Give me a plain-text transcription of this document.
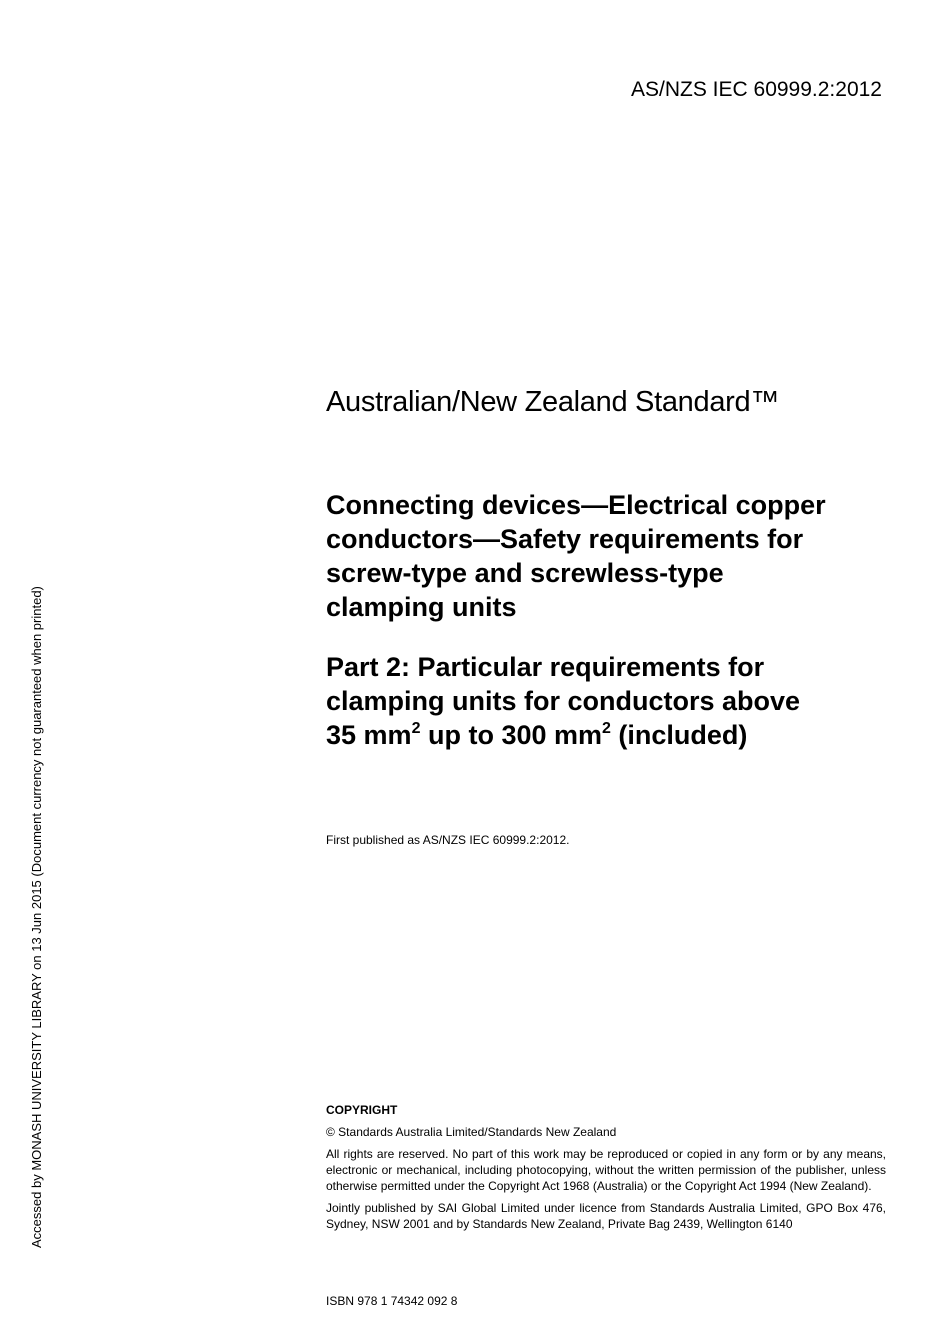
AS/NZS IEC 60999.2:2012
Accessed by MONASH UNIVERSITY LIBRARY on 13 Jun 2015 (Document currency not guaranteed when printed)
Australian/New Zealand Standard™
Connecting devices—Electrical copper
conductors—Safety requirements for
screw-type and screwless-type
clamping units
Part 2: Particular requirements for
clamping units for conductors above
35 $mm^2$ up to 300 $mm^2$ (included)
First published as AS/NZS IEC 60999.2:2012.

COPYRIGHT

© Standards Australia Limited/Standards New Zealand

All rights are reserved. No part of this work may be reproduced or copied in any form or by any means, electronic or mechanical, including photocopying, without the written permission of the publisher, unless otherwise permitted under the Copyright Act 1968 (Australia) or the Copyright Act 1994 (New Zealand).

Jointly published by SAI Global Limited under licence from Standards Australia Limited, GPO Box 476, Sydney, NSW 2001 and by Standards New Zealand, Private Bag 2439, Wellington 6140

ISBN 978 1 74342 092 8
